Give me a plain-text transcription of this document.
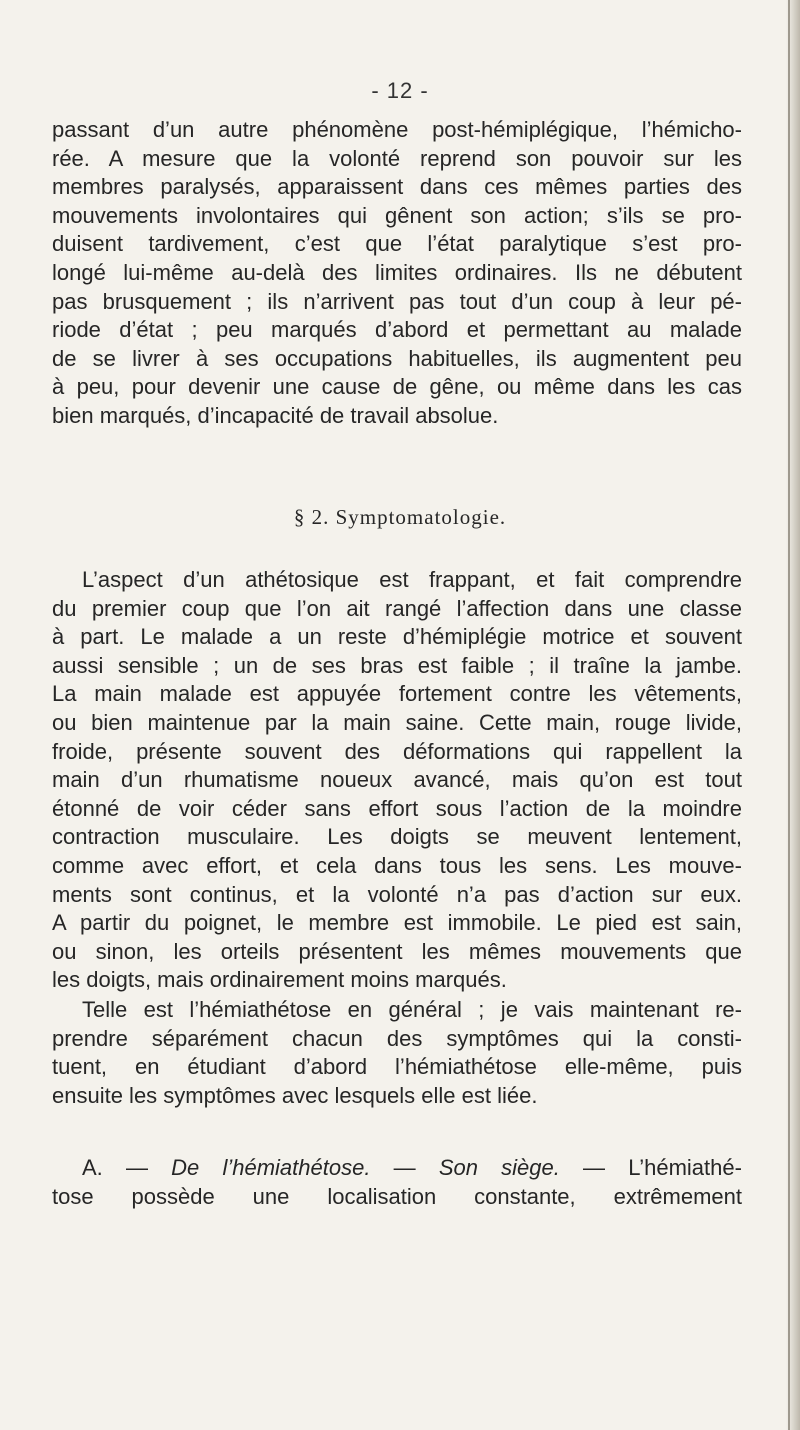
- 12 -
passant d’un autre phénomène post-hémiplégique, l’hémicho-
rée. A mesure que la volonté reprend son pouvoir sur les
membres paralysés, apparaissent dans ces mêmes parties des
mouvements involontaires qui gênent son action; s’ils se pro-
duisent tardivement, c’est que l’état paralytique s’est pro-
longé lui-même au-delà des limites ordinaires. Ils ne débutent
pas brusquement ; ils n’arrivent pas tout d’un coup à leur pé-
riode d’état ; peu marqués d’abord et permettant au malade
de se livrer à ses occupations habituelles, ils augmentent peu
à peu, pour devenir une cause de gêne, ou même dans les cas
bien marqués, d’incapacité de travail absolue.
§ 2. Symptomatologie.
L’aspect d’un athétosique est frappant, et fait comprendre
du premier coup que l’on ait rangé l’affection dans une classe
à part. Le malade a un reste d’hémiplégie motrice et souvent
aussi sensible ; un de ses bras est faible ; il traîne la jambe.
La main malade est appuyée fortement contre les vêtements,
ou bien maintenue par la main saine. Cette main, rouge livide,
froide, présente souvent des déformations qui rappellent la
main d’un rhumatisme noueux avancé, mais qu’on est tout
étonné de voir céder sans effort sous l’action de la moindre
contraction musculaire. Les doigts se meuvent lentement,
comme avec effort, et cela dans tous les sens. Les mouve-
ments sont continus, et la volonté n’a pas d’action sur eux.
A partir du poignet, le membre est immobile. Le pied est sain,
ou sinon, les orteils présentent les mêmes mouvements que
les doigts, mais ordinairement moins marqués.
Telle est l’hémiathétose en général ; je vais maintenant re-
prendre séparément chacun des symptômes qui la consti-
tuent, en étudiant d’abord l’hémiathétose elle-même, puis
ensuite les symptômes avec lesquels elle est liée.
A. — De l’hémiathétose. — Son siège. — L’hémiathé-
tose possède une localisation constante, extrêmement
